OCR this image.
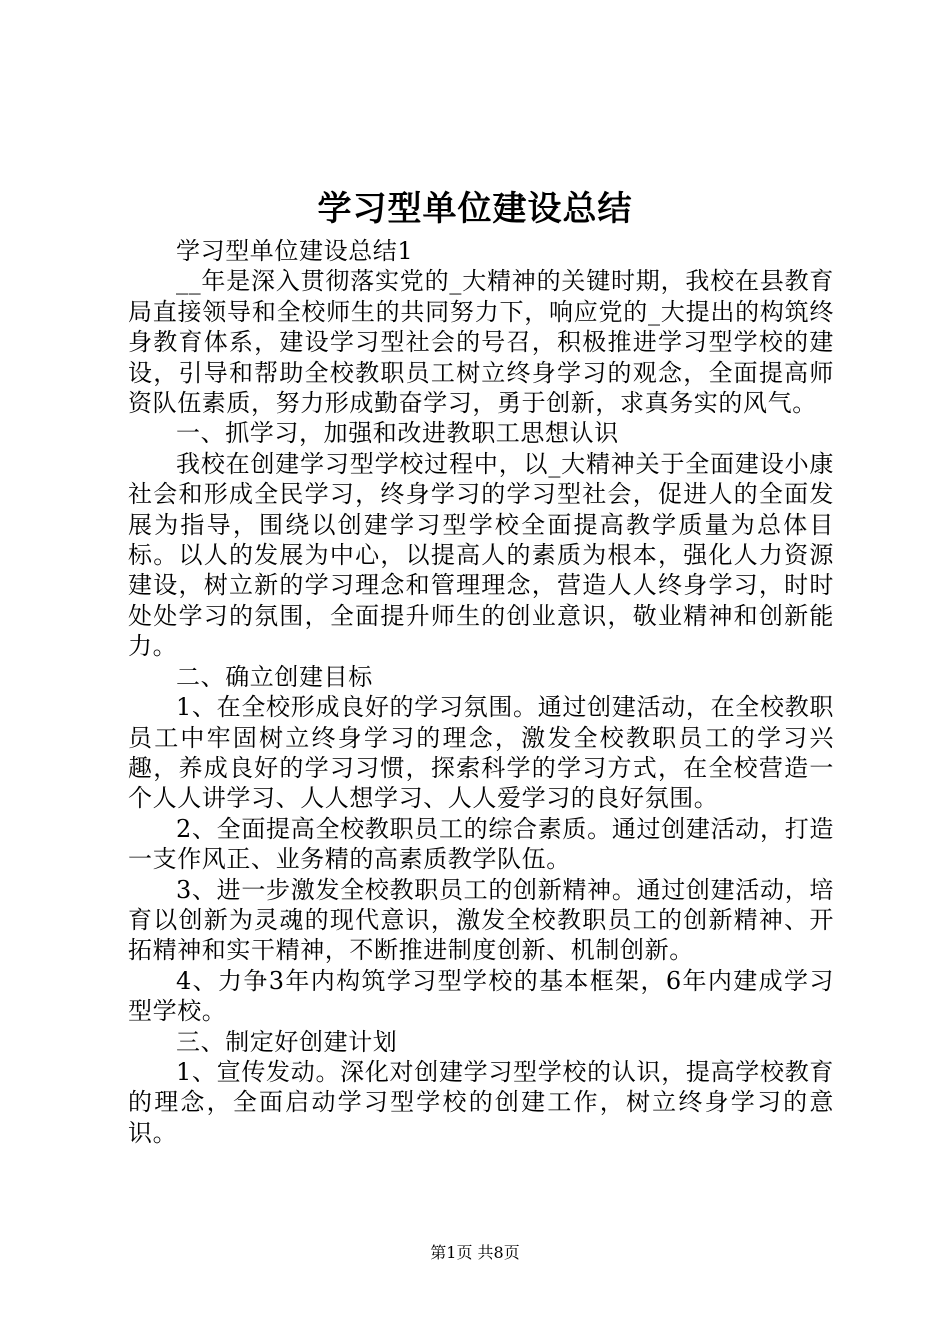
学习型单位建设总结

学习型单位建设总结1

__年是深入贯彻落实党的_大精神的关键时期，我校在县教育局直接领导和全校师生的共同努力下，响应党的_大提出的构筑终身教育体系，建设学习型社会的号召，积极推进学习型学校的建设，引导和帮助全校教职员工树立终身学习的观念，全面提高师资队伍素质，努力形成勤奋学习，勇于创新，求真务实的风气。

一、抓学习，加强和改进教职工思想认识

我校在创建学习型学校过程中，以_大精神关于全面建设小康社会和形成全民学习，终身学习的学习型社会，促进人的全面发展为指导，围绕以创建学习型学校全面提高教学质量为总体目标。以人的发展为中心，以提高人的素质为根本，强化人力资源建设，树立新的学习理念和管理理念，营造人人终身学习，时时处处学习的氛围，全面提升师生的创业意识，敬业精神和创新能力。

二、确立创建目标

1、在全校形成良好的学习氛围。通过创建活动，在全校教职员工中牢固树立终身学习的理念，激发全校教职员工的学习兴趣，养成良好的学习习惯，探索科学的学习方式，在全校营造一个人人讲学习、人人想学习、人人爱学习的良好氛围。

2、全面提高全校教职员工的综合素质。通过创建活动，打造一支作风正、业务精的高素质教学队伍。

3、进一步激发全校教职员工的创新精神。通过创建活动，培育以创新为灵魂的现代意识，激发全校教职员工的创新精神、开拓精神和实干精神，不断推进制度创新、机制创新。

4、力争3年内构筑学习型学校的基本框架，6年内建成学习型学校。

三、制定好创建计划

1、宣传发动。深化对创建学习型学校的认识，提高学校教育的理念，全面启动学习型学校的创建工作，树立终身学习的意识。

第1页 共8页
